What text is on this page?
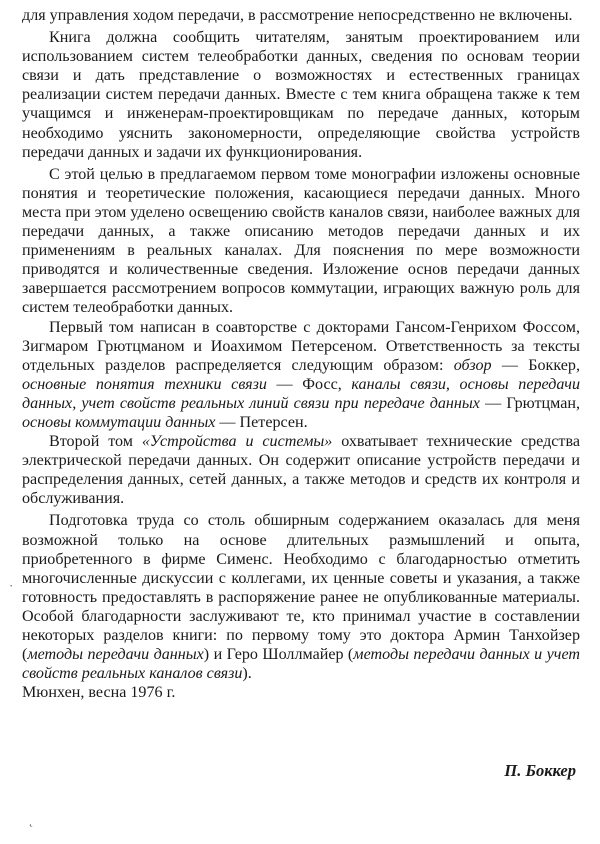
для управления ходом передачи, в рассмотрение непосредственно не включены.

Книга должна сообщить читателям, занятым проектированием или использованием систем телеобработки данных, сведения по основам теории связи и дать представление о возможностях и естественных границах реализации систем передачи данных. Вместе с тем книга обращена также к тем учащимся и инженерам-проектировщикам по передаче данных, которым необходимо уяснить закономерности, определяющие свойства устройств передачи данных и задачи их функционирования.

С этой целью в предлагаемом первом томе монографии изложены основные понятия и теоретические положения, касающиеся передачи данных. Много места при этом уделено освещению свойств каналов связи, наиболее важных для передачи данных, а также описанию методов передачи данных и их применениям в реальных каналах. Для пояснения по мере возможности приводятся и количественные сведения. Изложение основ передачи данных завершается рассмотрением вопросов коммутации, играющих важную роль для систем телеобработки данных.

Первый том написан в соавторстве с докторами Гансом-Генрихом Фоссом, Зигмаром Грютцманом и Иоахимом Петерсеном. Ответственность за тексты отдельных разделов распределяется следующим образом: обзор — Боккер, основные понятия техники связи — Фосс, каналы связи, основы передачи данных, учет свойств реальных линий связи при передаче данных — Грютцман, основы коммутации данных — Петерсен.

Второй том «Устройства и системы» охватывает технические средства электрической передачи данных. Он содержит описание устройств передачи и распределения данных, сетей данных, а также методов и средств их контроля и обслуживания.

Подготовка труда со столь обширным содержанием оказалась для меня возможной только на основе длительных размышлений и опыта, приобретенного в фирме Сименс. Необходимо с благодарностью отметить многочисленные дискуссии с коллегами, их ценные советы и указания, а также готовность предоставлять в распоряжение ранее не опубликованные материалы. Особой благодарности заслуживают те, кто принимал участие в составлении некоторых разделов книги: по первому тому это доктора Армин Танхойзер (методы передачи данных) и Геро Шоллмайер (методы передачи данных и учет свойств реальных каналов связи).

Мюнхен, весна 1976 г.

П. Боккер
·
˛
